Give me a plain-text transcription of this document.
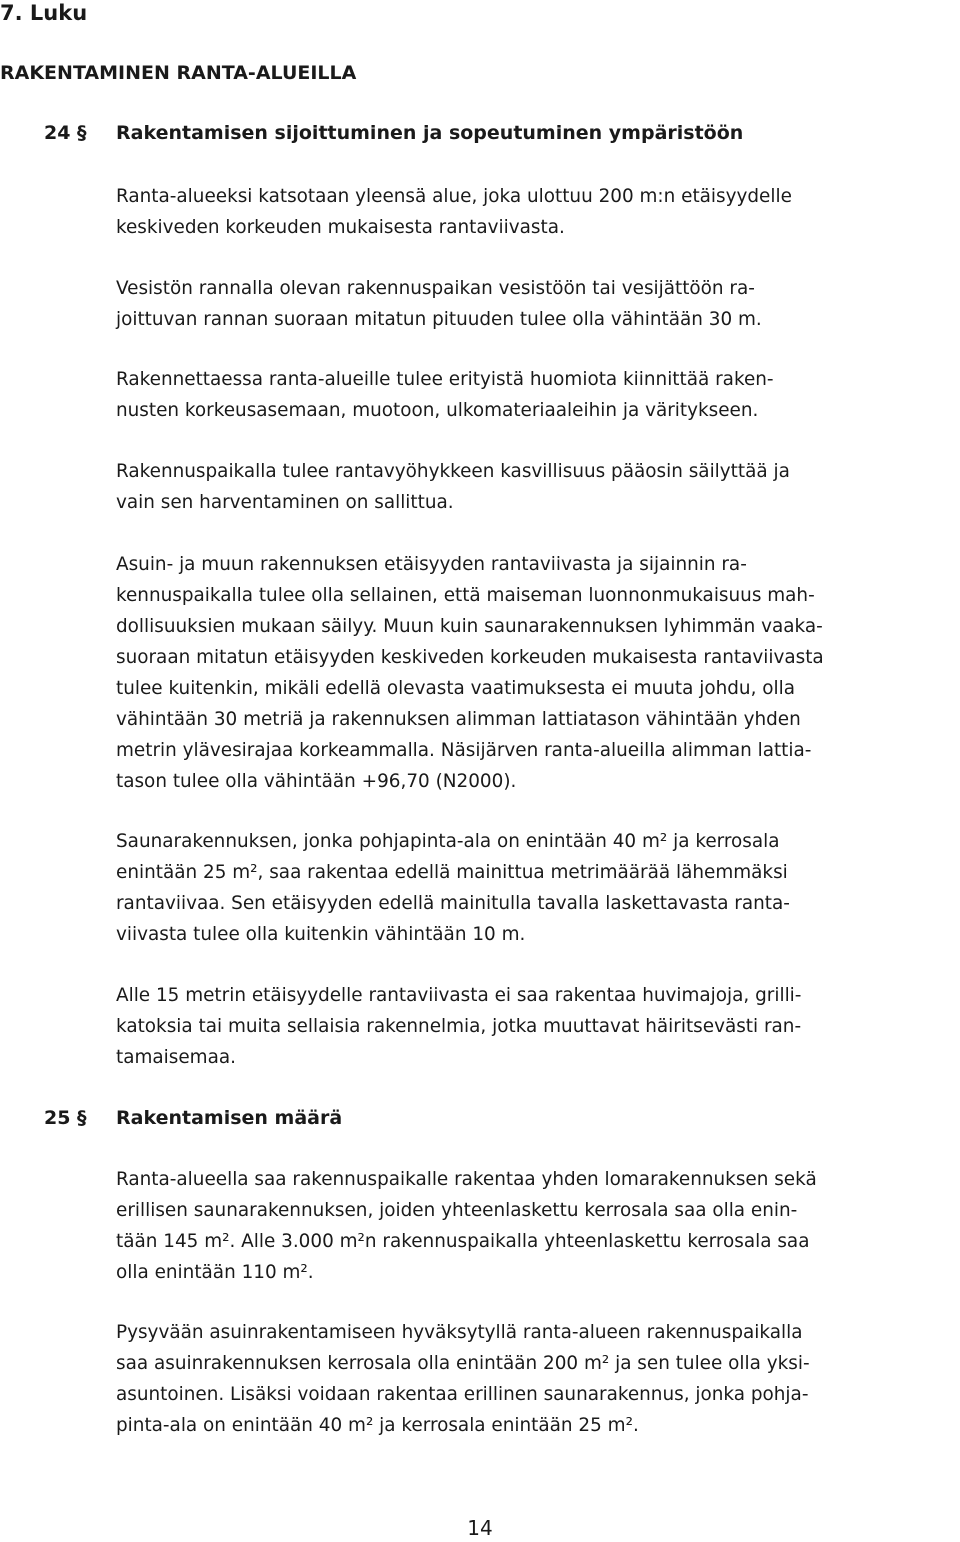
7. Luku
RAKENTAMINEN RANTA-ALUEILLA
24 §	Rakentamisen sijoittuminen ja sopeutuminen ympäristöön

Ranta-alueeksi katsotaan yleensä alue, joka ulottuu 200 m:n etäisyydelle
keskiveden korkeuden mukaisesta rantaviivasta.

Vesistön rannalla olevan rakennuspaikan vesistöön tai vesijättöön ra-
joittuvan rannan suoraan mitatun pituuden tulee olla vähintään 30 m.

Rakennettaessa ranta-alueille tulee erityistä huomiota kiinnittää raken-
nusten korkeusasemaan, muotoon, ulkomateriaaleihin ja väritykseen.

Rakennuspaikalla tulee rantavyöhykkeen kasvillisuus pääosin säilyttää ja
vain sen harventaminen on sallittua.

Asuin- ja muun rakennuksen etäisyyden rantaviivasta ja sijainnin ra-
kennuspaikalla tulee olla sellainen, että maiseman luonnonmukaisuus mah-
dollisuuksien mukaan säilyy. Muun kuin saunarakennuksen lyhimmän vaaka-
suoraan mitatun etäisyyden keskiveden korkeuden mukaisesta rantaviivasta
tulee kuitenkin, mikäli edellä olevasta vaatimuksesta ei muuta johdu, olla
vähintään 30 metriä ja rakennuksen alimman lattiatason vähintään yhden
metrin ylävesirajaa korkeammalla. Näsijärven ranta-alueilla alimman lattia-
tason tulee olla vähintään +96,70 (N2000).

Saunarakennuksen, jonka pohjapinta-ala on enintään 40 m² ja kerrosala
enintään 25 m², saa rakentaa edellä mainittua metrimäärää lähemmäksi
rantaviivaa. Sen etäisyyden edellä mainitulla tavalla laskettavasta ranta-
viivasta tulee olla kuitenkin vähintään 10 m.

Alle 15 metrin etäisyydelle rantaviivasta ei saa rakentaa huvimajoja, grilli-
katoksia tai muita sellaisia rakennelmia, jotka muuttavat häiritsevästi ran-
tamaisemaa.

25 §	Rakentamisen määrä

Ranta-alueella saa rakennuspaikalle rakentaa yhden lomarakennuksen sekä
erillisen saunarakennuksen, joiden yhteenlaskettu kerrosala saa olla enin-
tään 145 m². Alle 3.000 m²n rakennuspaikalla yhteenlaskettu kerrosala saa
olla enintään 110 m².

Pysyvään asuinrakentamiseen hyväksytyllä ranta-alueen rakennuspaikalla
saa asuinrakennuksen kerrosala olla enintään 200 m² ja sen tulee olla yksi-
asuntoinen. Lisäksi voidaan rakentaa erillinen saunarakennus, jonka pohja-
pinta-ala on enintään 40 m² ja kerrosala enintään 25 m².

14
